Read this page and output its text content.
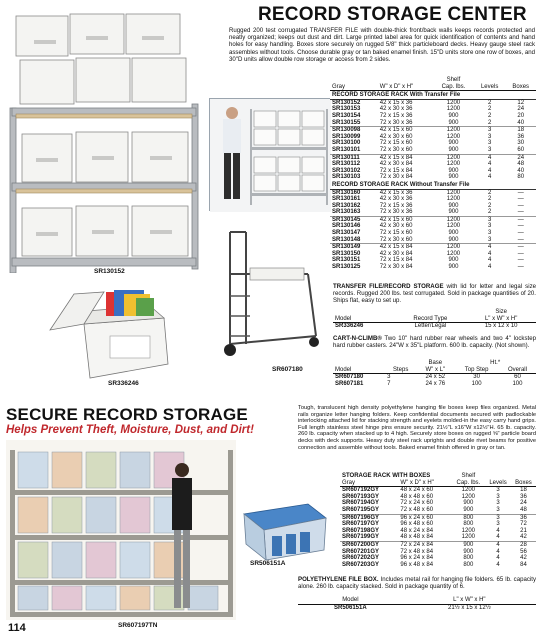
SR130152
SR336246
RECORD STORAGE CENTER
Rugged 200 test corrugated TRANSFER FILE with double-thick front/back walls keeps records protected and neatly organized; keeps out dust and dirt. Large printed label area for quick identification of contents and hand holes for easy handling. Boxes store securely on rugged 5/8" thick particleboard decks. Heavy gauge steel rack assembles without tools. Choose durable gray or tan baked enamel finish. 15"D units store one row of boxes, and 30"D units allow double row storage or access from 2 sides.
		Shelf		
Gray	W" x D" x H"	Cap. lbs.	Levels	Boxes
RECORD STORAGE RACK With Transfer File				
SR130152	42 x 15 x 36	1200	2	12
SR130153	42 x 30 x 36	1200	2	24
SR130154	72 x 15 x 36	900	2	20
SR130155	72 x 30 x 36	900	2	40
SR130098	42 x 15 x 60	1200	3	18
SR130099	42 x 30 x 60	1200	3	36
SR130100	72 x 15 x 60	900	3	30
SR130101	72 x 30 x 60	900	3	60
SR130111	42 x 15 x 84	1200	4	24
SR130112	42 x 30 x 84	1200	4	48
SR130102	72 x 15 x 84	900	4	40
SR130103	72 x 30 x 84	900	4	80
RECORD STORAGE RACK Without Transfer File				
SR130160	42 x 15 x 36	1200	2	—
SR130161	42 x 30 x 36	1200	2	—
SR130162	72 x 15 x 36	900	2	—
SR130163	72 x 30 x 36	900	2	—
SR130145	42 x 15 x 60	1200	3	—
SR130146	42 x 30 x 60	1200	3	—
SR130147	72 x 15 x 60	900	3	—
SR130148	72 x 30 x 60	900	3	—
SR130149	42 x 15 x 84	1200	4	—
SR130150	42 x 30 x 84	1200	4	—
SR130151	72 x 15 x 84	900	4	—
SR130125	72 x 30 x 84	900	4	—
SR607180
TRANSFER FILE/RECORD STORAGE with lid for letter and legal size records. Rugged 200 lbs. test corrugated. Sold in package quantities of 20. Ships flat, easy to set up.
		Size
Model	Record Type	L" x W" x H"
SR336246	Letter/Legal	15 x 12 x 10
CART-N-CLIMB® Two 10" hard rubber rear wheels and two 4" lockstep hard rubber casters. 24"W x 35"L platform. 600 lb. capacity. (Not shown).
		Base	Ht.*	
Model	Steps	W" x L"	Top Step	Overall
SR607180	3	24 x 52	30	60
SR607181	7	24 x 76	100	100
SECURE RECORD STORAGE
Helps Prevent Theft, Moisture, Dust, and Dirt!
Tough, translucent high density polyethylene hanging file boxes keep files organized. Metal rails organize letter hanging folders. Keep confidential documents secured with padlockable interlocking attached lid for stacking strength and eyelets molded-in the easy carry hand grips. Full length stainless steel hinge pins ensure security. 21½"L x16"W x12½"H. 65 lb. capacity. 260 lb. capacity when stacked up to 4 high. Securely store boxes on rugged ⅝" particle board decks with deck supports. Heavy duty steel rack uprights and double rivet beams for positive connection and assemble without tools. Baked enamel finish offered in gray or tan.
SR607197TN
SR506151A
STORAGE RACK WITH BOXES		Shelf		
Gray	W" x D" x H"	Cap. lbs.	Levels	Boxes
SR607192GY	48 x 24 x 60	1200	3	18
SR607193GY	48 x 48 x 60	1200	3	36
SR607194GY	72 x 24 x 60	900	3	24
SR607195GY	72 x 48 x 60	900	3	48
SR607196GY	96 x 24 x 60	800	3	36
SR607197GY	96 x 48 x 60	800	3	72
SR607198GY	48 x 24 x 84	1200	4	21
SR607199GY	48 x 48 x 84	1200	4	42
SR607200GY	72 x 24 x 84	900	4	28
SR607201GY	72 x 48 x 84	900	4	56
SR607202GY	96 x 24 x 84	800	4	42
SR607203GY	96 x 48 x 84	800	4	84
POLYETHYLENE FILE BOX. Includes metal rail for hanging file folders. 65 lb. capacity alone. 260 lb. capacity stacked. Sold in package quantity of 6.
Model	L" x W" x H"
SR506151A	21½ x 15 x 12½
114
